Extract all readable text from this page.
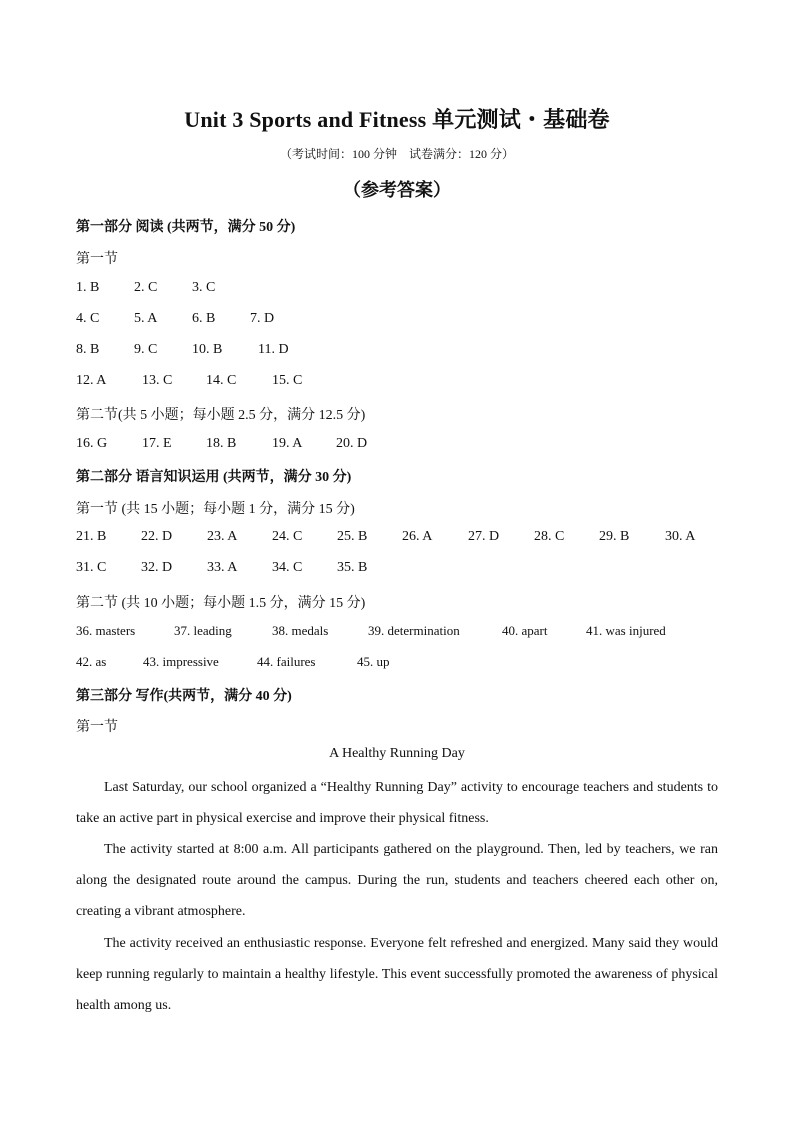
Unit 3 Sports and Fitness 单元测试・基础卷
（考试时间：100 分钟　试卷满分：120 分）
（参考答案）
第一部分 阅读 (共两节，满分 50 分)
第一节
1. B 2. C 3. C
4. C 5. A 6. B 7. D
8. B 9. C 10. B	11. D
12. A	13. C 14. C	15. C
第二节(共 5 小题；每小题 2.5 分，满分 12.5 分)
16. G 17. E 18. B	19. A 20. D
第二部分 语言知识运用 (共两节，满分 30 分)
第一节 (共 15 小题；每小题 1 分，满分 15 分)
21. B 22. D 23. A 24. C 25. B 26. A	27. D 28. C 29. B	30. A
31. C 32. D 33. A 34. C 35. B
第二节 (共 10 小题；每小题 1.5 分，满分 15 分)
36. masters	37. leading	38. medals	39. determination	40. apart	41. was injured
42. as	43. impressive	44. failures	45. up
第三部分 写作(共两节，满分 40 分)
第一节
A Healthy Running Day

Last Saturday, our school organized a “Healthy Running Day” activity to encourage teachers and students to take an active part in physical exercise and improve their physical fitness.

The activity started at 8:00 a.m. All participants gathered on the playground. Then, led by teachers, we ran along the designated route around the campus. During the run, students and teachers cheered each other on, creating a vibrant atmosphere.

The activity received an enthusiastic response. Everyone felt refreshed and energized. Many said they would keep running regularly to maintain a healthy lifestyle. This event successfully promoted the awareness of physical health among us.
